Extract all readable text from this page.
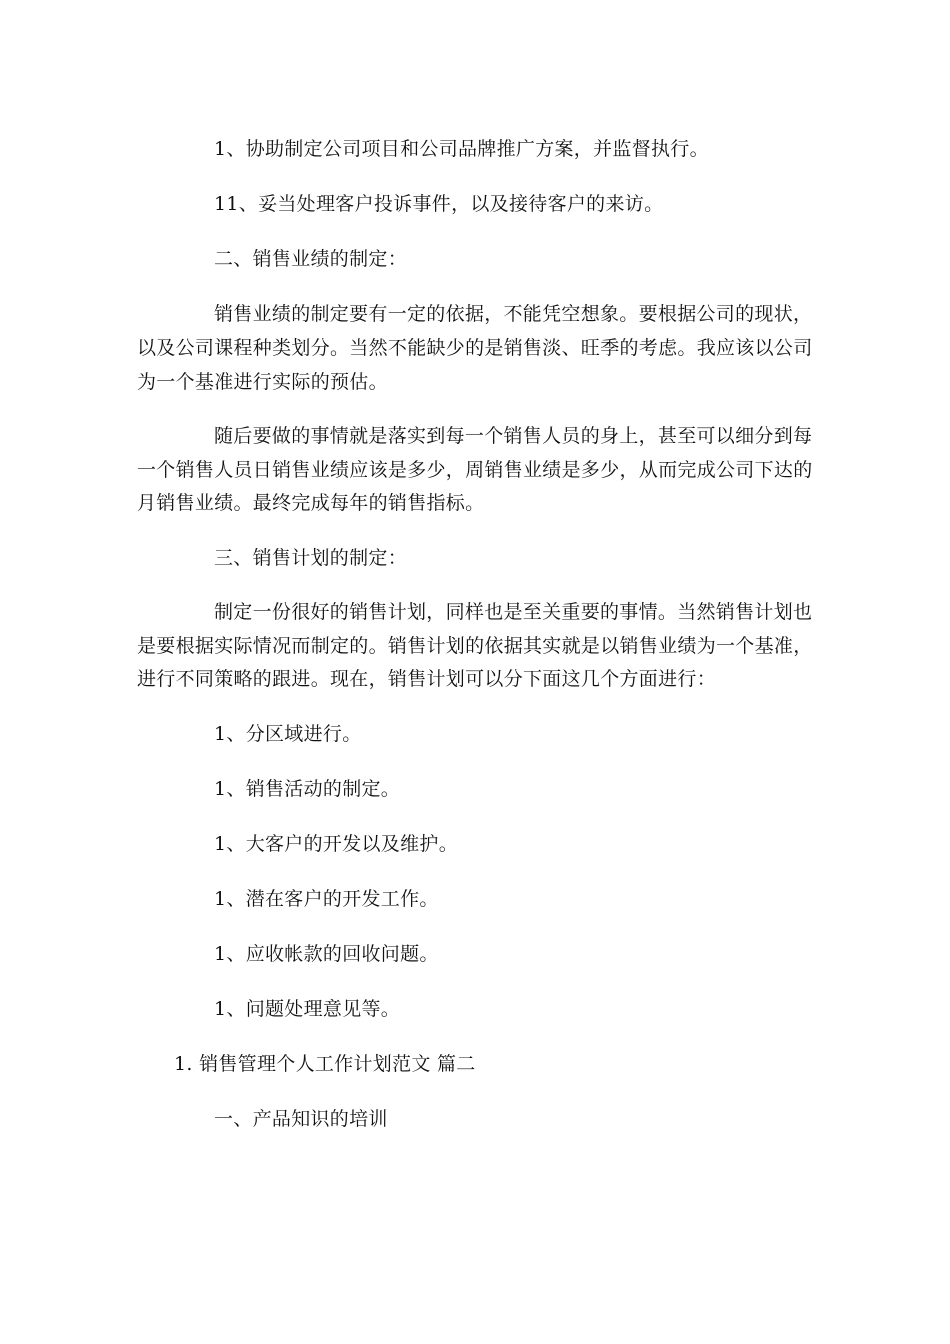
1、协助制定公司项目和公司品牌推广方案，并监督执行。
11、妥当处理客户投诉事件，以及接待客户的来访。
二、销售业绩的制定：
销售业绩的制定要有一定的依据，不能凭空想象。要根据公司的现状，
以及公司课程种类划分。当然不能缺少的是销售淡、旺季的考虑。我应该以公司
为一个基准进行实际的预估。
随后要做的事情就是落实到每一个销售人员的身上，甚至可以细分到每
一个销售人员日销售业绩应该是多少，周销售业绩是多少，从而完成公司下达的
月销售业绩。最终完成每年的销售指标。
三、销售计划的制定：
制定一份很好的销售计划，同样也是至关重要的事情。当然销售计划也
是要根据实际情况而制定的。销售计划的依据其实就是以销售业绩为一个基准，
进行不同策略的跟进。现在，销售计划可以分下面这几个方面进行：
1、分区域进行。
1、销售活动的制定。
1、大客户的开发以及维护。
1、潜在客户的开发工作。
1、应收帐款的回收问题。
1、问题处理意见等。
1. 销售管理个人工作计划范文 篇二
一、产品知识的培训
